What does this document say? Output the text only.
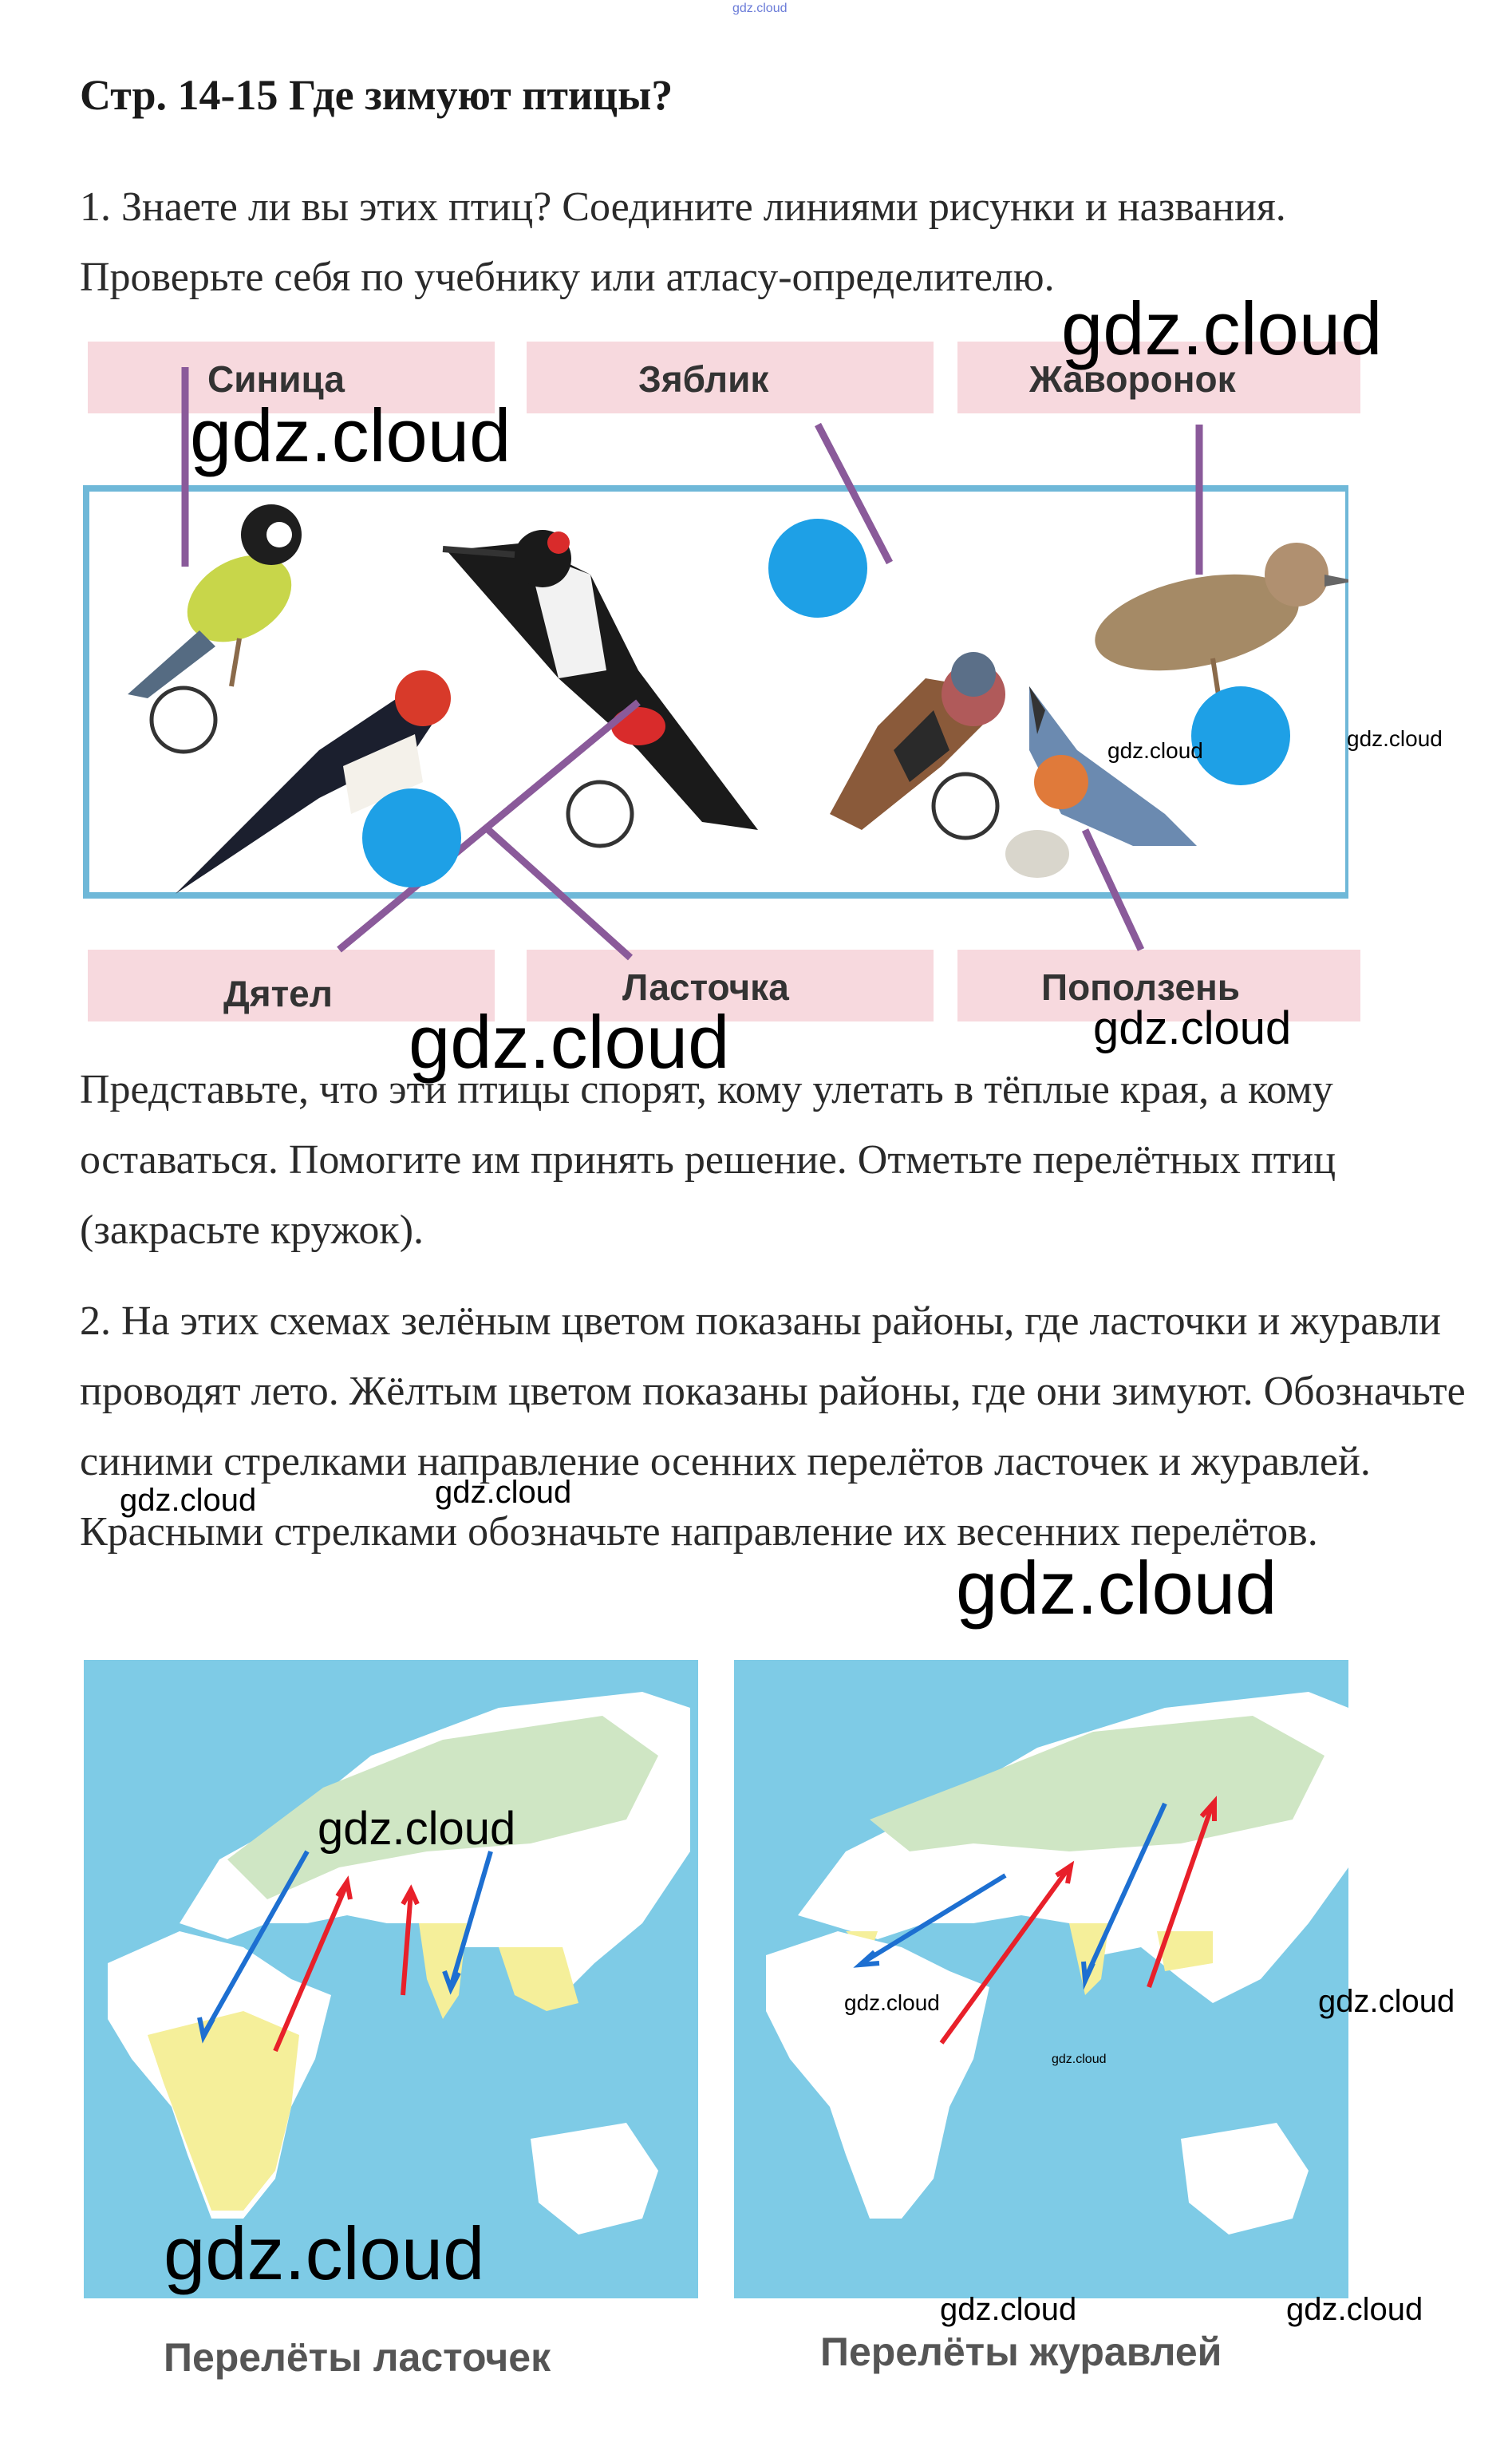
gdz.cloud
Стр. 14-15 Где зимуют птицы?
1. Знаете ли вы этих птиц? Соедините линиями рисунки и названия. Проверьте себя по учебнику или атласу-определителю.
Синица	Зяблик	Жаворонок
Дятел	Ласточка	Поползень
Представьте, что эти птицы спорят, кому улетать в тёплые края, а кому оставаться. Помогите им принять решение. Отметьте перелётных птиц (закрасьте кружок).
2. На этих схемах зелёным цветом показаны районы, где ласточки и журавли проводят лето. Жёлтым цветом показаны районы, где они зимуют. Обозначьте синими стрелками направление осенних перелётов ласточек и журавлей. Красными стрелками обозначьте направление их весенних перелётов.
Перелёты ласточек	Перелёты журавлей
gdz.cloud
gdz.cloud
gdz.cloud	gdz.cloud
gdz.cloud	gdz.cloud
gdz.cloud	gdz.cloud
gdz.cloud
gdz.cloud
gdz.cloud	gdz.cloud
gdz.cloud
gdz.cloud
gdz.cloud	gdz.cloud
